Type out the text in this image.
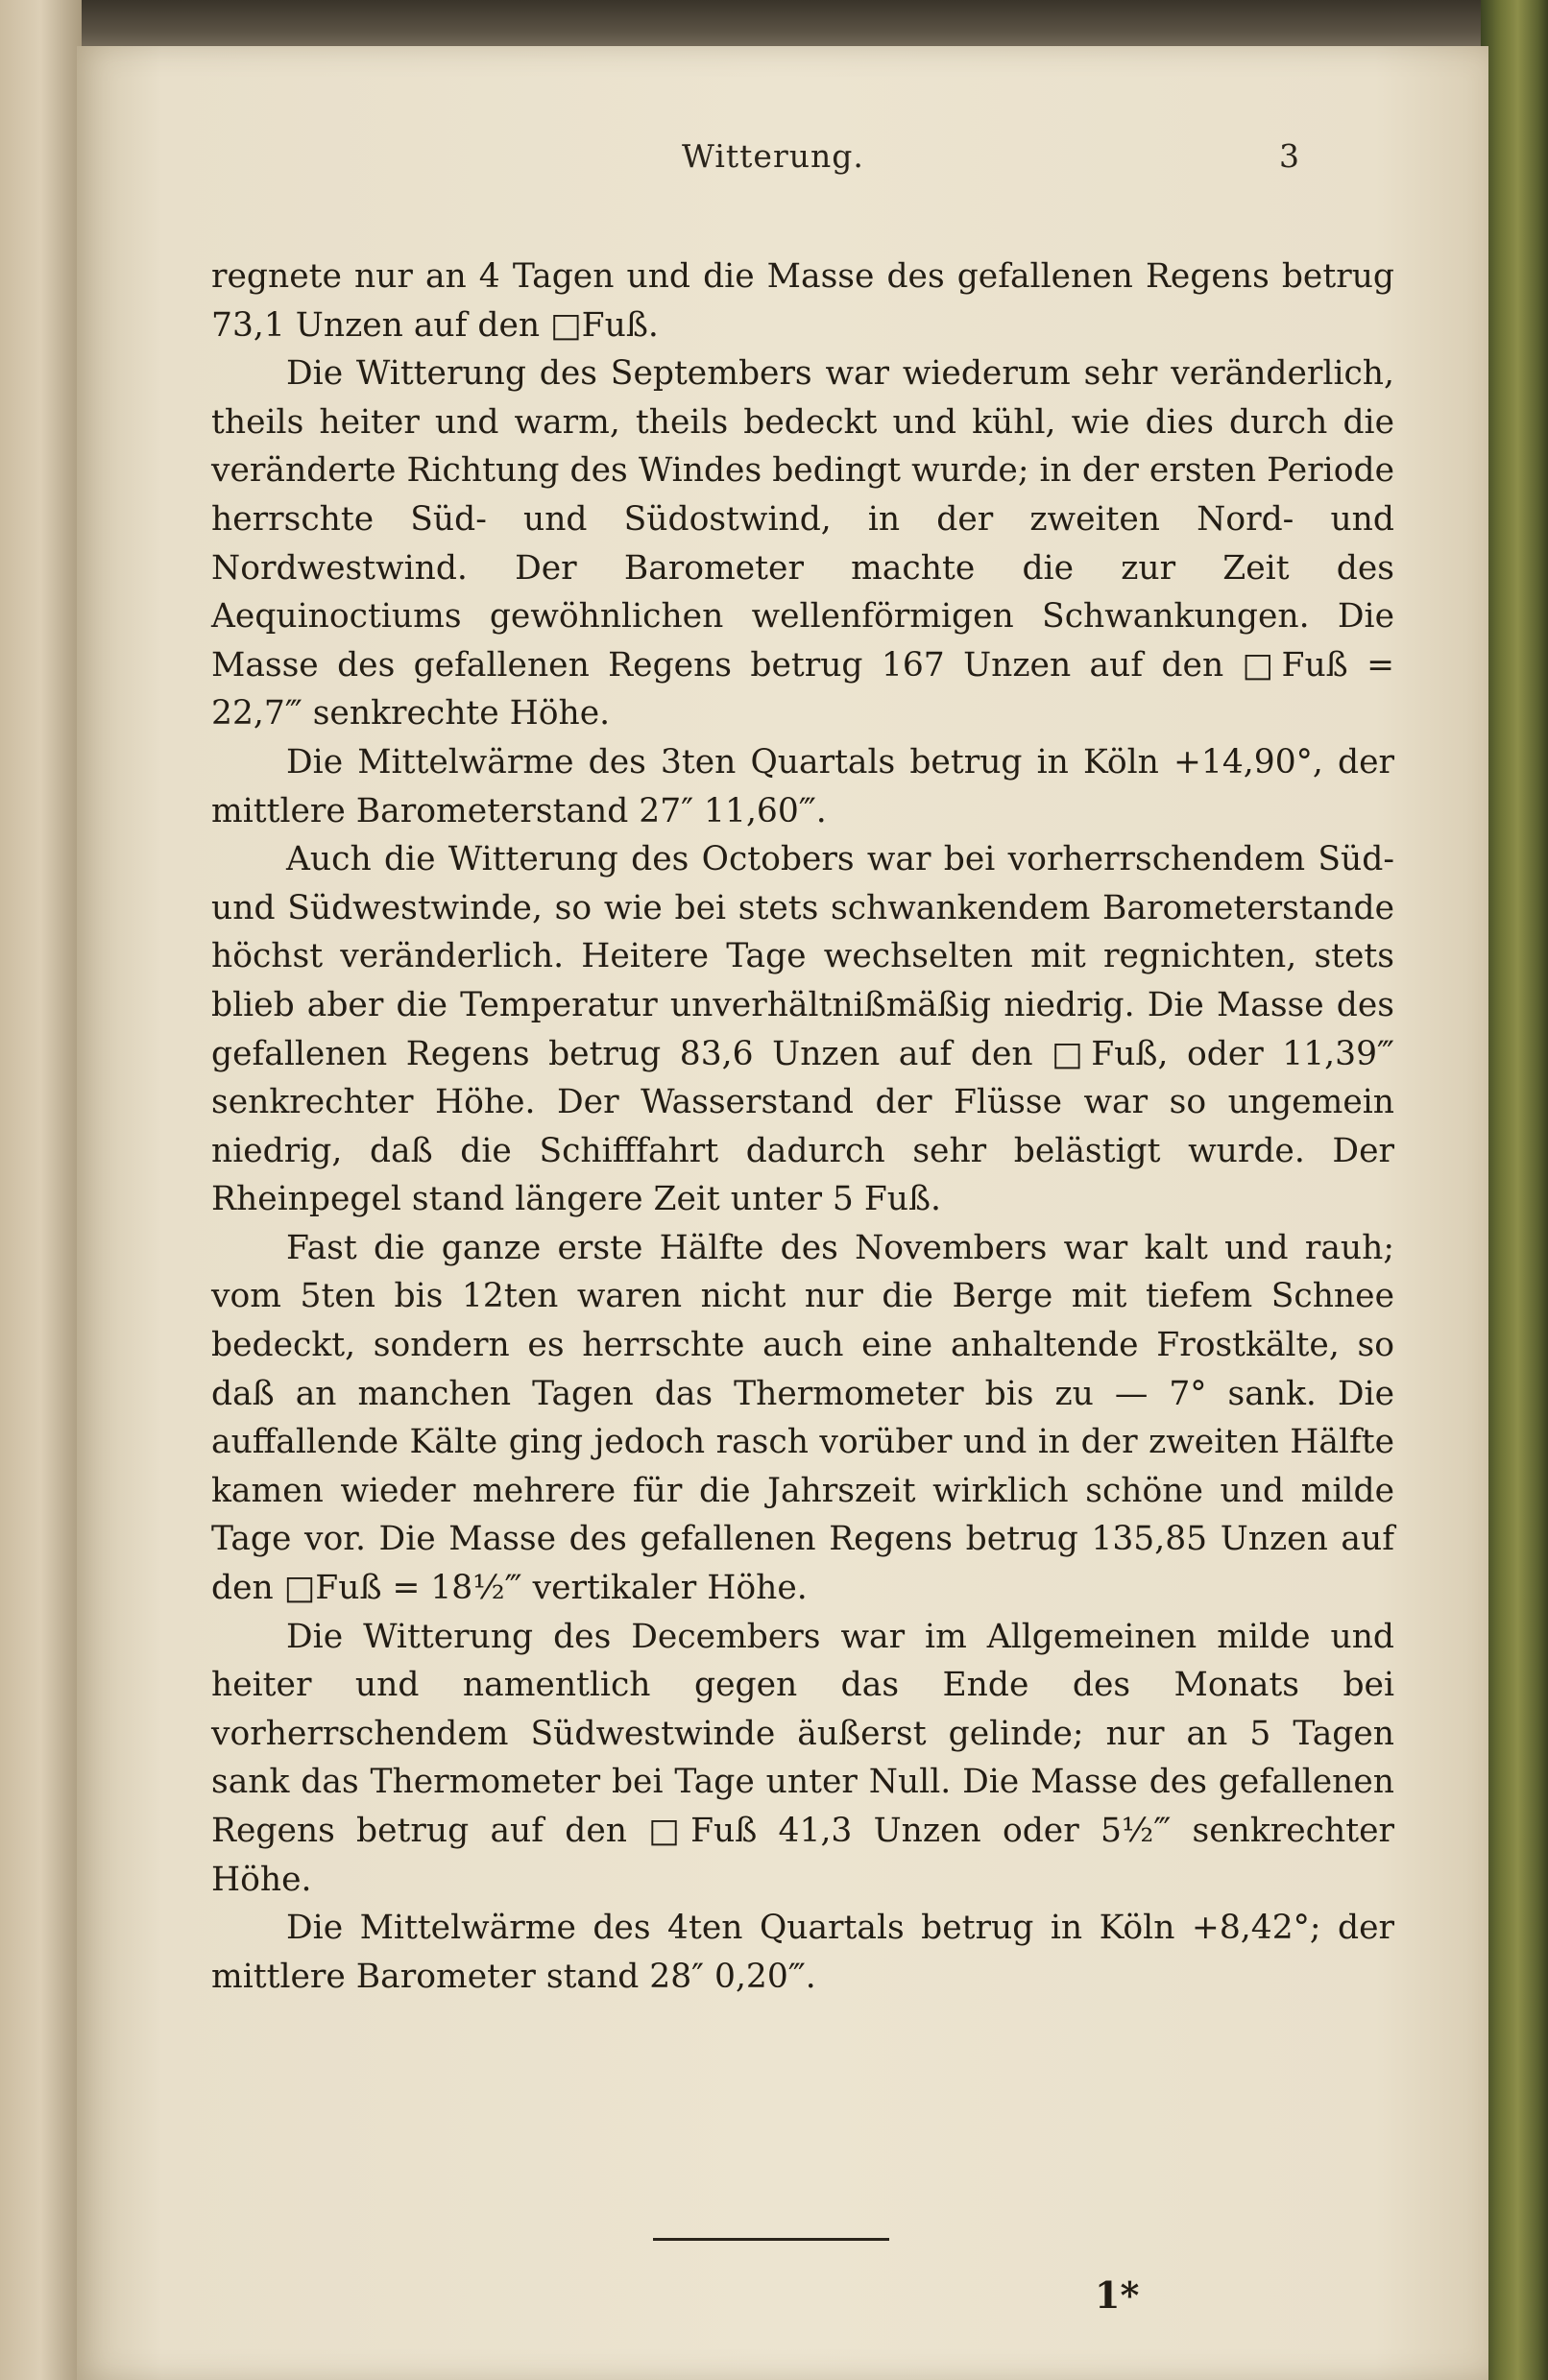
Witterung.	3

regnete nur an 4 Tagen und die Masse des gefallenen Regens betrug 73,1 Unzen auf den □Fuß.

Die Witterung des Septembers war wiederum sehr veränderlich, theils heiter und warm, theils bedeckt und kühl, wie dies durch die veränderte Richtung des Windes bedingt wurde; in der ersten Periode herrschte Süd- und Südostwind, in der zweiten Nord- und Nordwestwind. Der Barometer machte die zur Zeit des Aequinoctiums gewöhnlichen wellenförmigen Schwankungen. Die Masse des gefallenen Regens betrug 167 Unzen auf den □Fuß = 22,7‴ senkrechte Höhe.

Die Mittelwärme des 3ten Quartals betrug in Köln +14,90°, der mittlere Barometerstand 27″ 11,60‴.

Auch die Witterung des Octobers war bei vorherrschendem Süd- und Südwestwinde, so wie bei stets schwankendem Barometerstande höchst veränderlich. Heitere Tage wechselten mit regnichten, stets blieb aber die Temperatur unverhältnißmäßig niedrig. Die Masse des gefallenen Regens betrug 83,6 Unzen auf den □Fuß, oder 11,39‴ senkrechter Höhe. Der Wasserstand der Flüsse war so ungemein niedrig, daß die Schifffahrt dadurch sehr belästigt wurde. Der Rheinpegel stand längere Zeit unter 5 Fuß.

Fast die ganze erste Hälfte des Novembers war kalt und rauh; vom 5ten bis 12ten waren nicht nur die Berge mit tiefem Schnee bedeckt, sondern es herrschte auch eine anhaltende Frostkälte, so daß an manchen Tagen das Thermometer bis zu — 7° sank. Die auffallende Kälte ging jedoch rasch vorüber und in der zweiten Hälfte kamen wieder mehrere für die Jahrszeit wirklich schöne und milde Tage vor. Die Masse des gefallenen Regens betrug 135,85 Unzen auf den □Fuß = 18½‴ vertikaler Höhe.

Die Witterung des Decembers war im Allgemeinen milde und heiter und namentlich gegen das Ende des Monats bei vorherrschendem Südwestwinde äußerst gelinde; nur an 5 Tagen sank das Thermometer bei Tage unter Null. Die Masse des gefallenen Regens betrug auf den □Fuß 41,3 Unzen oder 5½‴ senkrechter Höhe.

Die Mittelwärme des 4ten Quartals betrug in Köln +8,42°; der mittlere Barometer stand 28″ 0,20‴.

1*
